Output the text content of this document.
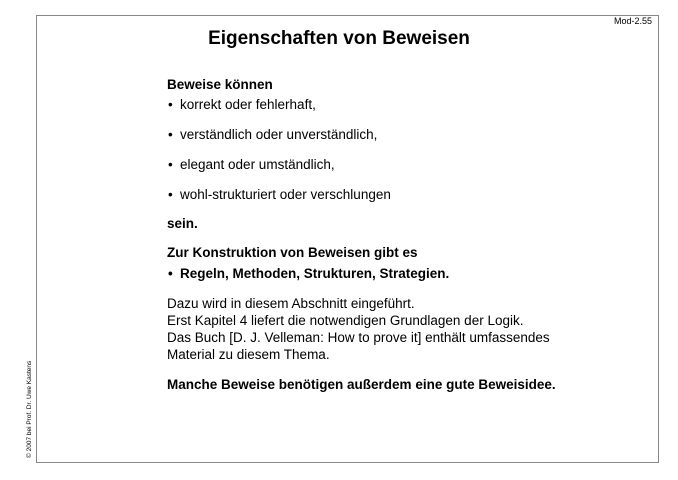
Mod-2.55
Eigenschaften von Beweisen
© 2007 bei Prof. Dr. Uwe Kastens

Beweise können

• korrekt oder fehlerhaft,
• verständlich oder unverständlich,
• elegant oder umständlich,
• wohl-strukturiert oder verschlungen

sein.

Zur Konstruktion von Beweisen gibt es

• Regeln, Methoden, Strukturen, Strategien.

Dazu wird in diesem Abschnitt eingeführt.
Erst Kapitel 4 liefert die notwendigen Grundlagen der Logik.
Das Buch [D. J. Velleman: How to prove it] enthält umfassendes
Material zu diesem Thema.

Manche Beweise benötigen außerdem eine gute Beweisidee.
